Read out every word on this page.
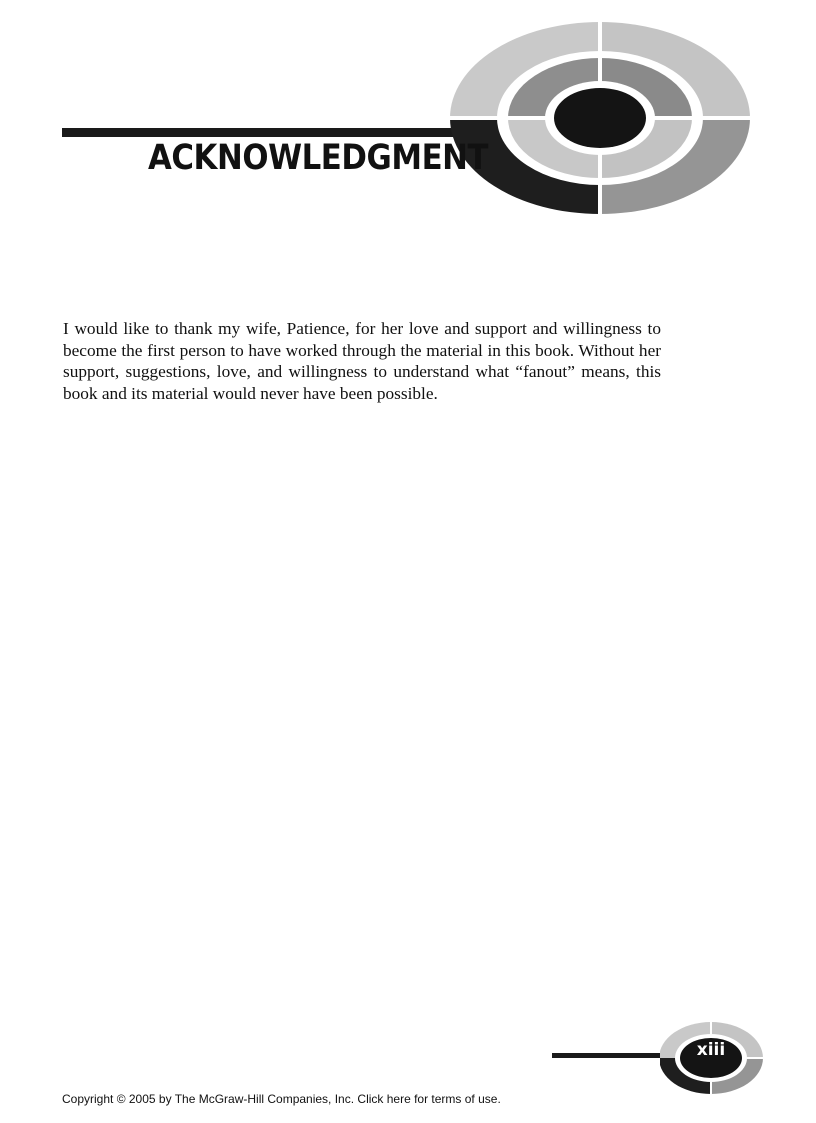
ACKNOWLEDGMENT

I would like to thank my wife, Patience, for her love and support and willingness to become the first person to have worked through the material in this book. Without her support, suggestions, love, and willingness to understand what “fanout” means, this book and its material would never have been possible.

xiii
Copyright © 2005 by The McGraw-Hill Companies, Inc. Click here for terms of use.
